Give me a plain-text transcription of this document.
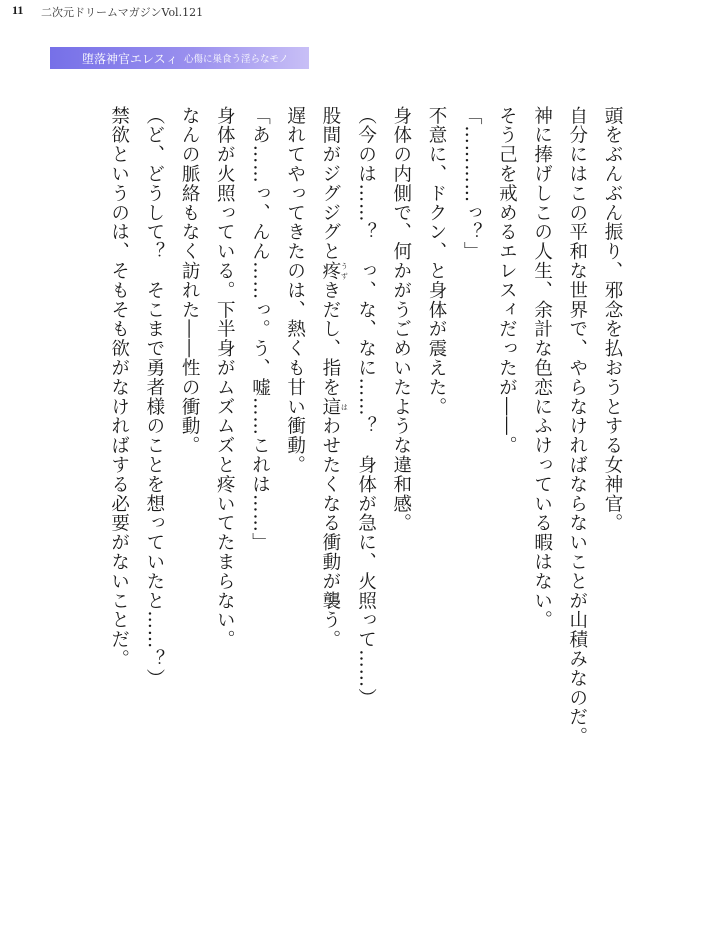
11 二次元ドリームマガジンVol.121
堕落神官エレスィ 心傷に巣食う淫らなモノ
頭をぶんぶん振り、邪念を払おうとする女神官。
自分にはこの平和な世界で、やらなければならないことが山積みなのだ。
神に捧げしこの人生、余計な色恋にふけっている暇はない。
そう己を戒めるエレスィだったが――。
「…………っ？」
不意に、ドクン、と身体が震えた。
身体の内側で、何かがうごめいたような違和感。
（今のは……？　っ、な、なに……？　身体が急に、火照って……）
股間がジグジグと疼 うずきだし、指を這 はわせたくなる衝動が襲う。
遅れてやってきたのは、熱くも甘い衝動。
「あ……っ、んん……っ。う、嘘……これは……」
身体が火照っている。下半身がムズムズと疼いてたまらない。
なんの脈絡もなく訪れた――性の衝動。
（ど、どうして？　そこまで勇者様のことを想っていたと……？）
禁欲というのは、そもそも欲がなければする必要がないことだ。
